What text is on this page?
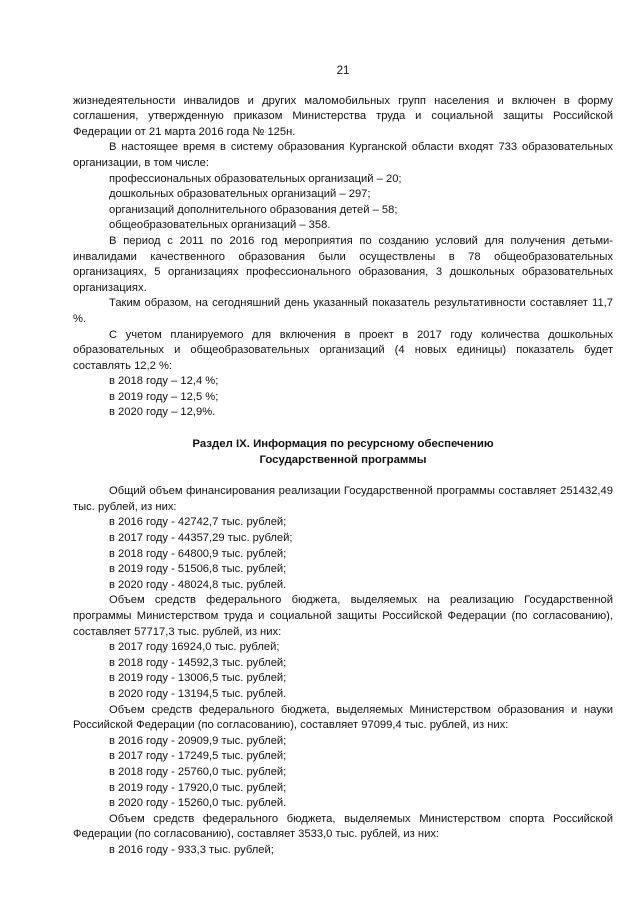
21

жизнедеятельности инвалидов и других маломобильных групп населения и включен в форму соглашения, утвержденную приказом Министерства труда и социальной защиты Российской Федерации от 21 марта 2016 года № 125н.

В настоящее время в систему образования Курганской области входят 733 образовательных организации, в том числе:

профессиональных образовательных организаций – 20;

дошкольных образовательных организаций – 297;

организаций дополнительного образования детей – 58;

общеобразовательных организаций – 358.

В период с 2011 по 2016 год мероприятия по созданию условий для получения детьми-инвалидами качественного образования были осуществлены в 78 общеобразовательных организациях, 5 организациях профессионального образования, 3 дошкольных образовательных организациях.

Таким образом, на сегодняшний день указанный показатель результативности составляет 11,7 %.

С учетом планируемого для включения в проект в 2017 году количества дошкольных образовательных и общеобразовательных организаций (4 новых единицы) показатель будет составлять 12,2 %:

в 2018 году – 12,4 %;

в 2019 году – 12,5 %;

в 2020 году – 12,9%.

Раздел IX. Информация по ресурсному обеспечению
Государственной программы

Общий объем финансирования реализации Государственной программы составляет 251432,49 тыс. рублей, из них:

в 2016 году - 42742,7 тыс. рублей;

в 2017 году - 44357,29 тыс. рублей;

в 2018 году - 64800,9 тыс. рублей;

в 2019 году - 51506,8 тыс. рублей;

в 2020 году - 48024,8 тыс. рублей.

Объем средств федерального бюджета, выделяемых на реализацию Государственной программы Министерством труда и социальной защиты Российской Федерации (по согласованию), составляет 57717,3 тыс. рублей, из них:

в 2017 году 16924,0 тыс. рублей;

в 2018 году - 14592,3 тыс. рублей;

в 2019 году - 13006,5 тыс. рублей;

в 2020 году - 13194,5 тыс. рублей.

Объем средств федерального бюджета, выделяемых Министерством образования и науки Российской Федерации (по согласованию), составляет 97099,4 тыс. рублей, из них:

в 2016 году - 20909,9 тыс. рублей;

в 2017 году - 17249,5 тыс. рублей;

в 2018 году - 25760,0 тыс. рублей;

в 2019 году - 17920,0 тыс. рублей;

в 2020 году - 15260,0 тыс. рублей.

Объем средств федерального бюджета, выделяемых Министерством спорта Российской Федерации (по согласованию), составляет 3533,0 тыс. рублей, из них:

в 2016 году - 933,3 тыс. рублей;
